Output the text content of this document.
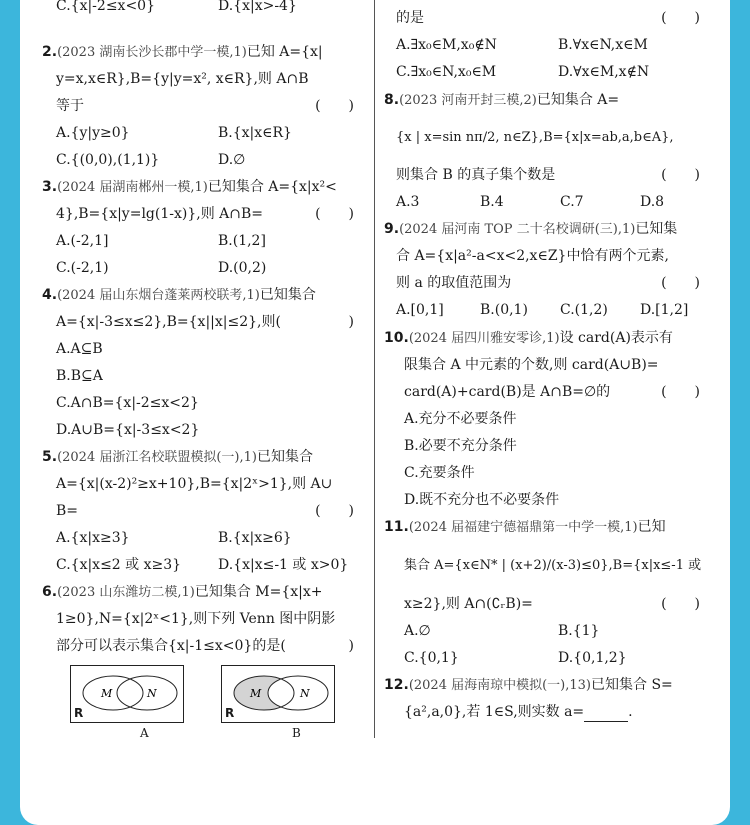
C.{x|-2≤x<0}	D.{x|x>-4}
2.(2023 湖南长沙长郡中学一模,1)已知 A={x|
y=x,x∈R},B={y|y=x², x∈R},则 A∩B
等于	(　　)
A.{y|y≥0}	B.{x|x∈R}
C.{(0,0),(1,1)}	D.∅
3.(2024 届湖南郴州一模,1)已知集合 A={x|x²<
4},B={x|y=lg(1-x)},则 A∩B=	(　　)
A.(-2,1]	B.(1,2]
C.(-2,1)	D.(0,2)
4.(2024 届山东烟台蓬莱两校联考,1)已知集合
A={x|-3≤x≤2},B={x||x|≤2},则(	)
A.A⊆B
B.B⊆A
C.A∩B={x|-2≤x<2}
D.A∪B={x|-3≤x<2}
5.(2024 届浙江名校联盟模拟(一),1)已知集合
A={x|(x-2)²≥x+10},B={x|2ˣ>1},则 A∪
B=	(　　)
A.{x|x≥3}	B.{x|x≥6}
C.{x|x≤2 或 x≥3}	D.{x|x≤-1 或 x>0}
6.(2023 山东潍坊二模,1)已知集合 M={x|x+
1≥0},N={x|2ˣ<1},则下列 Venn 图中阴影
部分可以表示集合{x|-1≤x<0}的是(	)
M	N
R
A
M	N
R
B
的是	(　　)
A.∃x₀∈M,x₀∉N	B.∀x∈N,x∈M
C.∃x₀∈N,x₀∈M	D.∀x∈M,x∉N
8.(2023 河南开封三模,2)已知集合 A=
{x | x=sin nπ/2, n∈Z},B={x|x=ab,a,b∈A},
则集合 B 的真子集个数是	(　　)
A.3	B.4	C.7	D.8
9.(2024 届河南 TOP 二十名校调研(三),1)已知集
合 A={x|a²-a<x<2,x∈Z}中恰有两个元素,
则 a 的取值范围为	(　　)
A.[0,1]	B.(0,1) C.(1,2) D.[1,2]
10.(2024 届四川雅安零诊,1)设 card(A)表示有
限集合 A 中元素的个数,则 card(A∪B)=
card(A)+card(B)是 A∩B=∅的	(　　)
A.充分不必要条件
B.必要不充分条件
C.充要条件
D.既不充分也不必要条件
11.(2024 届福建宁德福鼎第一中学一模,1)已知
集合 A={x∈N* | (x+2)/(x-3)≤0},B={x|x≤-1 或
x≥2},则 A∩(∁ᵣB)=	(　　)
A.∅	B.{1}
C.{0,1}	D.{0,1,2}
12.(2024 届海南琼中模拟(一),13)已知集合 S=
{a²,a,0},若 1∈S,则实数 a=	.
